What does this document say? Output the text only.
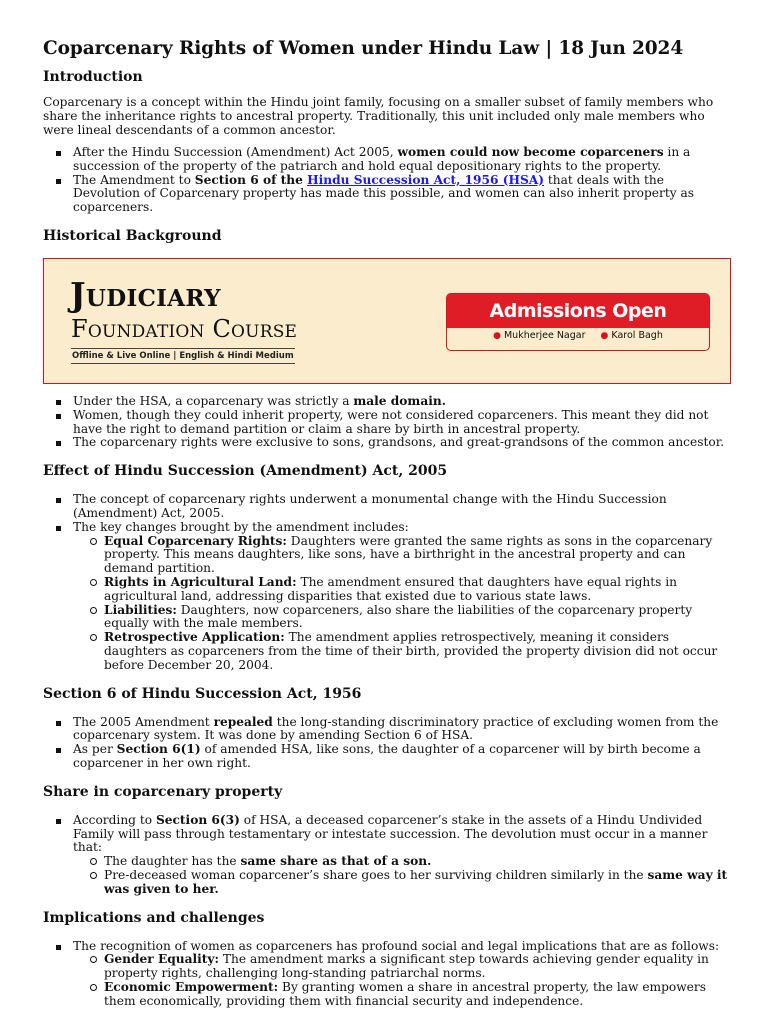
Coparcenary Rights of Women under Hindu Law | 18 Jun 2024
Introduction

Coparcenary is a concept within the Hindu joint family, focusing on a smaller subset of family members who share the inheritance rights to ancestral property. Traditionally, this unit included only male members who were lineal descendants of a common ancestor.

After the Hindu Succession (Amendment) Act 2005, women could now become coparceners in a succession of the property of the patriarch and hold equal depositionary rights to the property.
The Amendment to Section 6 of the Hindu Succession Act, 1956 (HSA) that deals with the Devolution of Coparcenary property has made this possible, and women can also inherit property as coparceners.
Historical Background
Judiciary
Foundation Course
Offline & Live Online | English & Hindi Medium
Admissions Open
● Mukherjee Nagar ● Karol Bagh
Under the HSA, a coparcenary was strictly a male domain.
Women, though they could inherit property, were not considered coparceners. This meant they did not have the right to demand partition or claim a share by birth in ancestral property.
The coparcenary rights were exclusive to sons, grandsons, and great-grandsons of the common ancestor.
Effect of Hindu Succession (Amendment) Act, 2005
The concept of coparcenary rights underwent a monumental change with the Hindu Succession (Amendment) Act, 2005.
The key changes brought by the amendment includes:
Equal Coparcenary Rights: Daughters were granted the same rights as sons in the coparcenary property. This means daughters, like sons, have a birthright in the ancestral property and can demand partition.
Rights in Agricultural Land: The amendment ensured that daughters have equal rights in agricultural land, addressing disparities that existed due to various state laws.
Liabilities: Daughters, now coparceners, also share the liabilities of the coparcenary property equally with the male members.
Retrospective Application: The amendment applies retrospectively, meaning it considers daughters as coparceners from the time of their birth, provided the property division did not occur before December 20, 2004.
Section 6 of Hindu Succession Act, 1956
The 2005 Amendment repealed the long-standing discriminatory practice of excluding women from the coparcenary system. It was done by amending Section 6 of HSA.
As per Section 6(1) of amended HSA, like sons, the daughter of a coparcener will by birth become a coparcener in her own right.
Share in coparcenary property
According to Section 6(3) of HSA, a deceased coparcener’s stake in the assets of a Hindu Undivided Family will pass through testamentary or intestate succession. The devolution must occur in a manner that:
The daughter has the same share as that of a son.
Pre-deceased woman coparcener’s share goes to her surviving children similarly in the same way it was given to her.
Implications and challenges
The recognition of women as coparceners has profound social and legal implications that are as follows:
Gender Equality: The amendment marks a significant step towards achieving gender equality in property rights, challenging long-standing patriarchal norms.
Economic Empowerment: By granting women a share in ancestral property, the law empowers them economically, providing them with financial security and independence.
